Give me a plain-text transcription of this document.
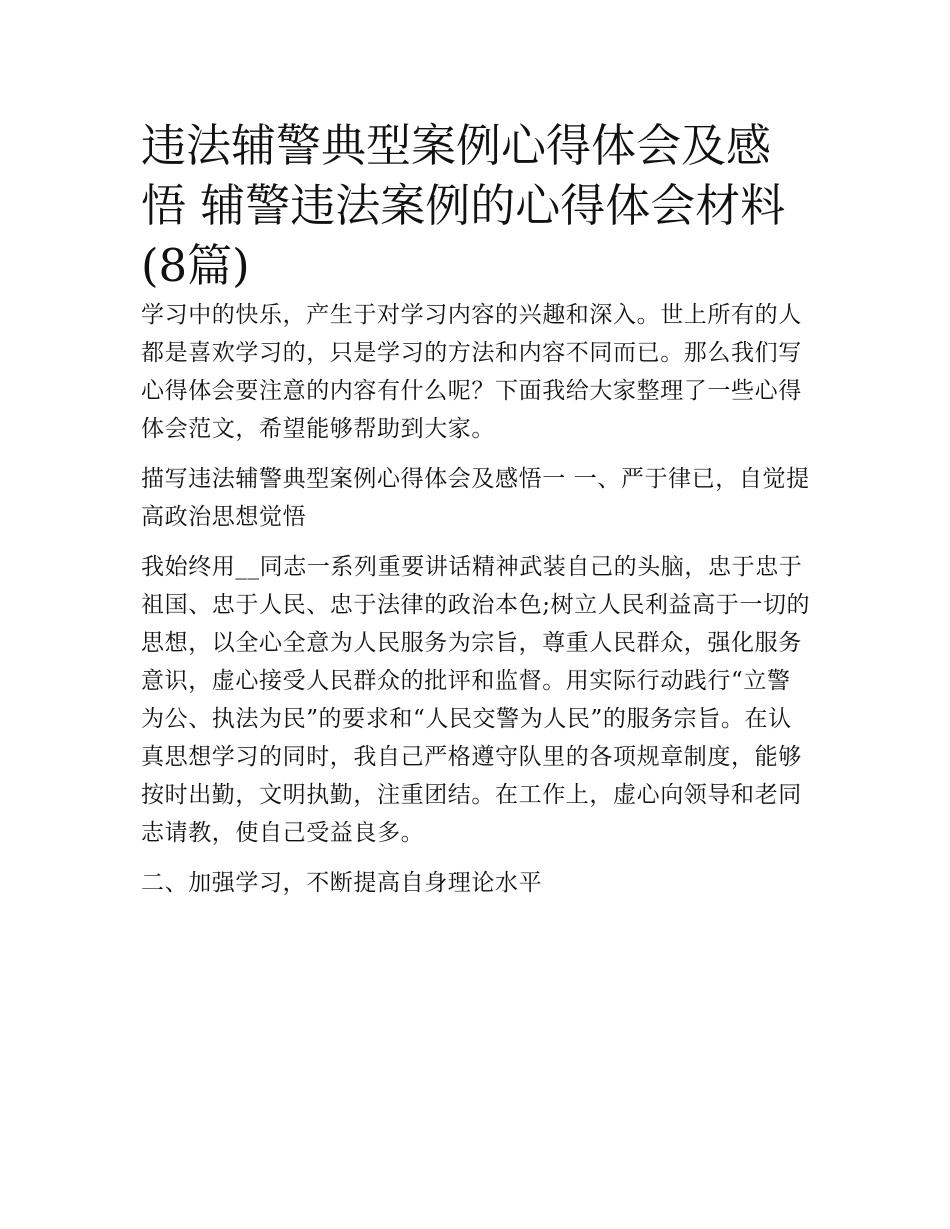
违法辅警典型案例心得体会及感悟 辅警违法案例的心得体会材料(8篇)

学习中的快乐，产生于对学习内容的兴趣和深入。世上所有的人都是喜欢学习的，只是学习的方法和内容不同而已。那么我们写心得体会要注意的内容有什么呢？下面我给大家整理了一些心得体会范文，希望能够帮助到大家。

描写违法辅警典型案例心得体会及感悟一 一、严于律已，自觉提高政治思想觉悟

我始终用__同志一系列重要讲话精神武装自己的头脑，忠于忠于祖国、忠于人民、忠于法律的政治本色;树立人民利益高于一切的思想，以全心全意为人民服务为宗旨，尊重人民群众，强化服务意识，虚心接受人民群众的批评和监督。用实际行动践行“立警为公、执法为民”的要求和“人民交警为人民”的服务宗旨。在认真思想学习的同时，我自己严格遵守队里的各项规章制度，能够按时出勤，文明执勤，注重团结。在工作上，虚心向领导和老同志请教，使自己受益良多。

二、加强学习，不断提高自身理论水平
